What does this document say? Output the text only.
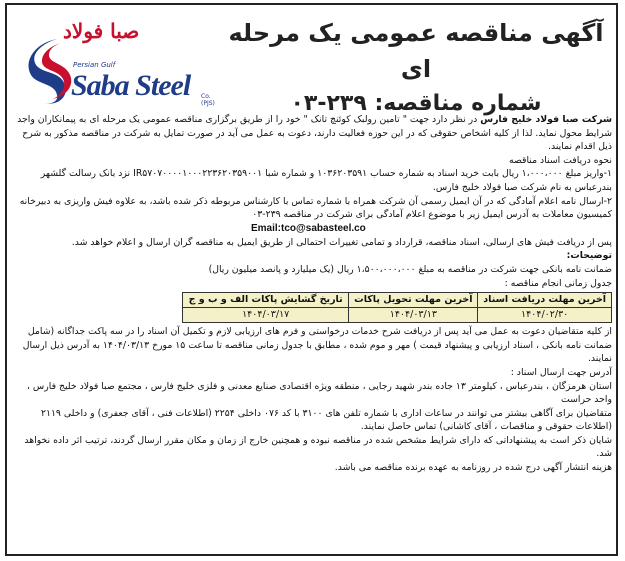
صبا فولاد
Persian Gulf
Saba Steel Co.(PJS)
آگهی مناقصه عمومی یک مرحله ای
شماره مناقصه: ۲۳۹-۰۳

شرکت صبا فولاد خلیج فارس در نظر دارد جهت " تامین رولبک کوئنچ تانک " خود را از طریق برگزاری مناقصه عمومی یک مرحله ای به پیمانکاران واجد شرایط محول نماید. لذا از کلیه اشخاص حقوقی که در این حوزه فعالیت دارند، دعوت به عمل می آید در صورت تمایل به شرکت در مناقصه مذکور به شرح ذیل اقدام نمایند.

نحوه دریافت اسناد مناقصه

۱-واریز مبلغ ۱،۰۰۰،۰۰۰ ریال بابت خرید اسناد به شماره حساب ۱۰۳۶۲۰۳۵۹۱ و شماره شبا IR۵۷۰۷۰۰۰۰۱۰۰۰۲۲۳۶۲۰۳۵۹۰۰۱ نزد بانک رسالت گلشهر بندرعباس به نام شرکت صبا فولاد خلیج فارس.

۲-ارسال نامه اعلام آمادگی که در آن ایمیل رسمی آن شرکت همراه با شماره تماس با کارشناس مربوطه ذکر شده باشد، به علاوه فیش واریزی به دبیرخانه کمیسیون معاملات به آدرس ایمیل زیر با موضوع اعلام آمادگی برای شرکت در مناقصه ۲۳۹-۰۳

Email:tco@sabasteel.co

پس از دریافت فیش های ارسالی، اسناد مناقصه، قرارداد و تمامی تغییرات احتمالی از طریق ایمیل به مناقصه گران ارسال و اعلام خواهد شد.

توضیحات:

ضمانت نامه بانکی جهت شرکت در مناقصه به مبلغ ۱،۵۰۰،۰۰۰،۰۰۰ ریال (یک میلیارد و پانصد میلیون ریال)

جدول زمانی انجام مناقصه :

آخرین مهلت دریافت اسناد	آخرین مهلت تحویل پاکات	تاریخ گشایش پاکات الف و ب و ج
۱۴۰۴/۰۲/۳۰	۱۴۰۴/۰۳/۱۳	۱۴۰۴/۰۳/۱۷

از کلیه متقاضیان دعوت به عمل می آید پس از دریافت شرح خدمات درخواستی و فرم های ارزیابی لازم و تکمیل آن اسناد را در سه پاکت جداگانه (شامل ضمانت نامه بانکی ، اسناد ارزیابی و پیشنهاد قیمت ) مهر و موم شده ، مطابق با جدول زمانی مناقصه تا ساعت ۱۵ مورخ ۱۴۰۴/۰۳/۱۳ به آدرس ذیل ارسال نمایند.

آدرس جهت ارسال اسناد :

استان هرمزگان ، بندرعباس ، کیلومتر ۱۳ جاده بندر شهید رجایی ، منطقه ویژه اقتصادی صنایع معدنی و فلزی خلیج فارس ، مجتمع صبا فولاد خلیج فارس ، واحد حراست

متقاضیان برای آگاهی بیشتر می توانند در ساعات اداری با شماره تلفن های ۳۱۰۰ با کد ۰۷۶ داخلی ۲۲۵۴ (اطلاعات فنی ، آقای جعفری) و داخلی ۲۱۱۹ (اطلاعات حقوقی و مناقصات ، آقای کاشانی) تماس حاصل نمایند.

شایان ذکر است به پیشنهاداتی که دارای شرایط مشخص شده در مناقصه نبوده و همچنین خارج از زمان و مکان مقرر ارسال گردند، ترتیب اثر داده نخواهد شد.

هزینه انتشار آگهی درج شده در روزنامه به عهده برنده مناقصه می باشد.
